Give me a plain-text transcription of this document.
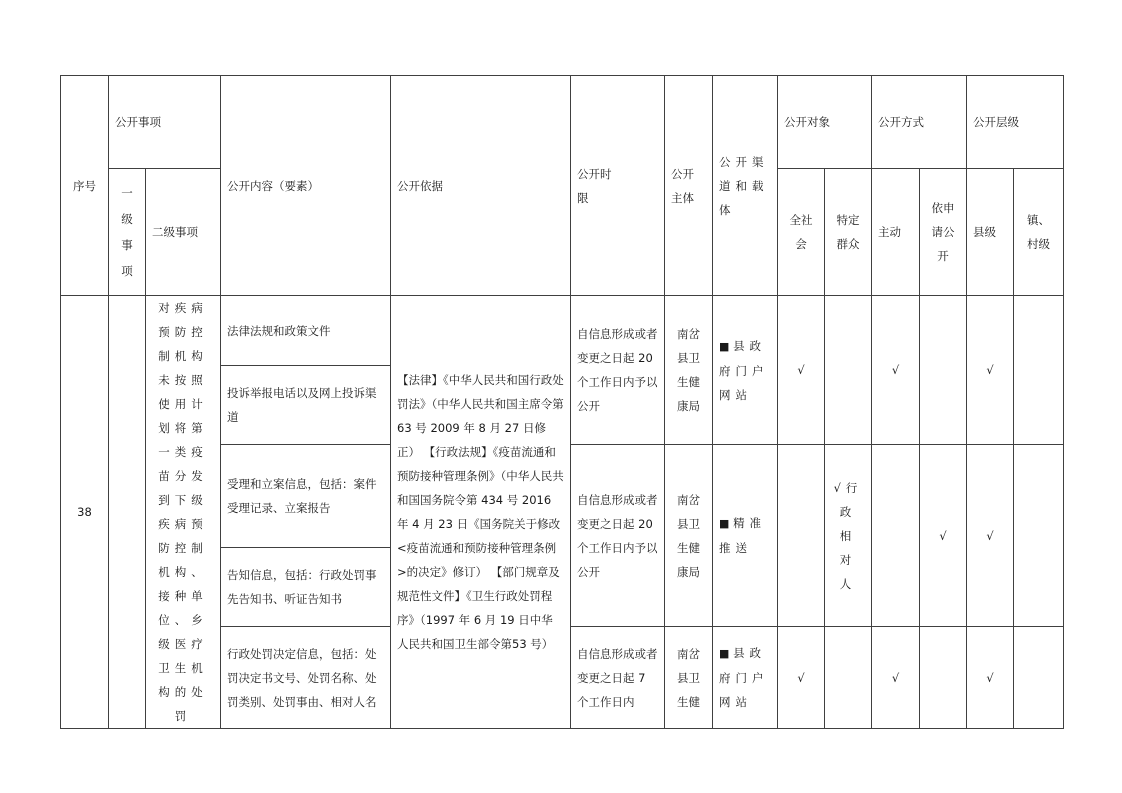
序号	公开事项		公开内容（要素）	公开依据	公开时限	公开主体	公开渠道和载体	公开对象		公开方式		公开层级	

	一级事项	二级事项						全社会	特定群众	主动	依申请公开	县级	镇、村级

38		对疾病预防控制机构未按照使用计划将第一类疫苗分发到下级疾病预防控制机构、接种单位、乡级医疗卫生机构的处罚	法律法规和政策文件	【法律】《中华人民共和国行政处罚法》（中华人民共和国主席令第 63 号 2009 年 8 月 27 日修正） 【行政法规】《疫苗流通和预防接种管理条例》（中华人民共和国国务院令第 434 号 2016 年 4 月 23 日《国务院关于修改<疫苗流通和预防接种管理条例>的决定》修订） 【部门规章及规范性文件】《卫生行政处罚程序》（1997 年 6 月 19 日中华人民共和国卫生部令第53 号）	自信息形成或者变更之日起 20 个工作日内予以公开	南岔县卫生健康局	■ 县政府门户网站	√		√		√	
			投诉举报电话以及网上投诉渠道										
			受理和立案信息，包括：案件受理记录、立案报告		自信息形成或者变更之日起 20 个工作日内予以公开	南岔县卫生健康局	■ 精准推送		√行政相对人		√	√	
			告知信息，包括：行政处罚事先告知书、听证告知书										
			行政处罚决定信息，包括：处罚决定书文号、处罚名称、处罚类别、处罚事由、相对人名		自信息形成或者变更之日起 7 个工作日内	南岔县卫生健	■ 县政府门户网站	√		√		√	
